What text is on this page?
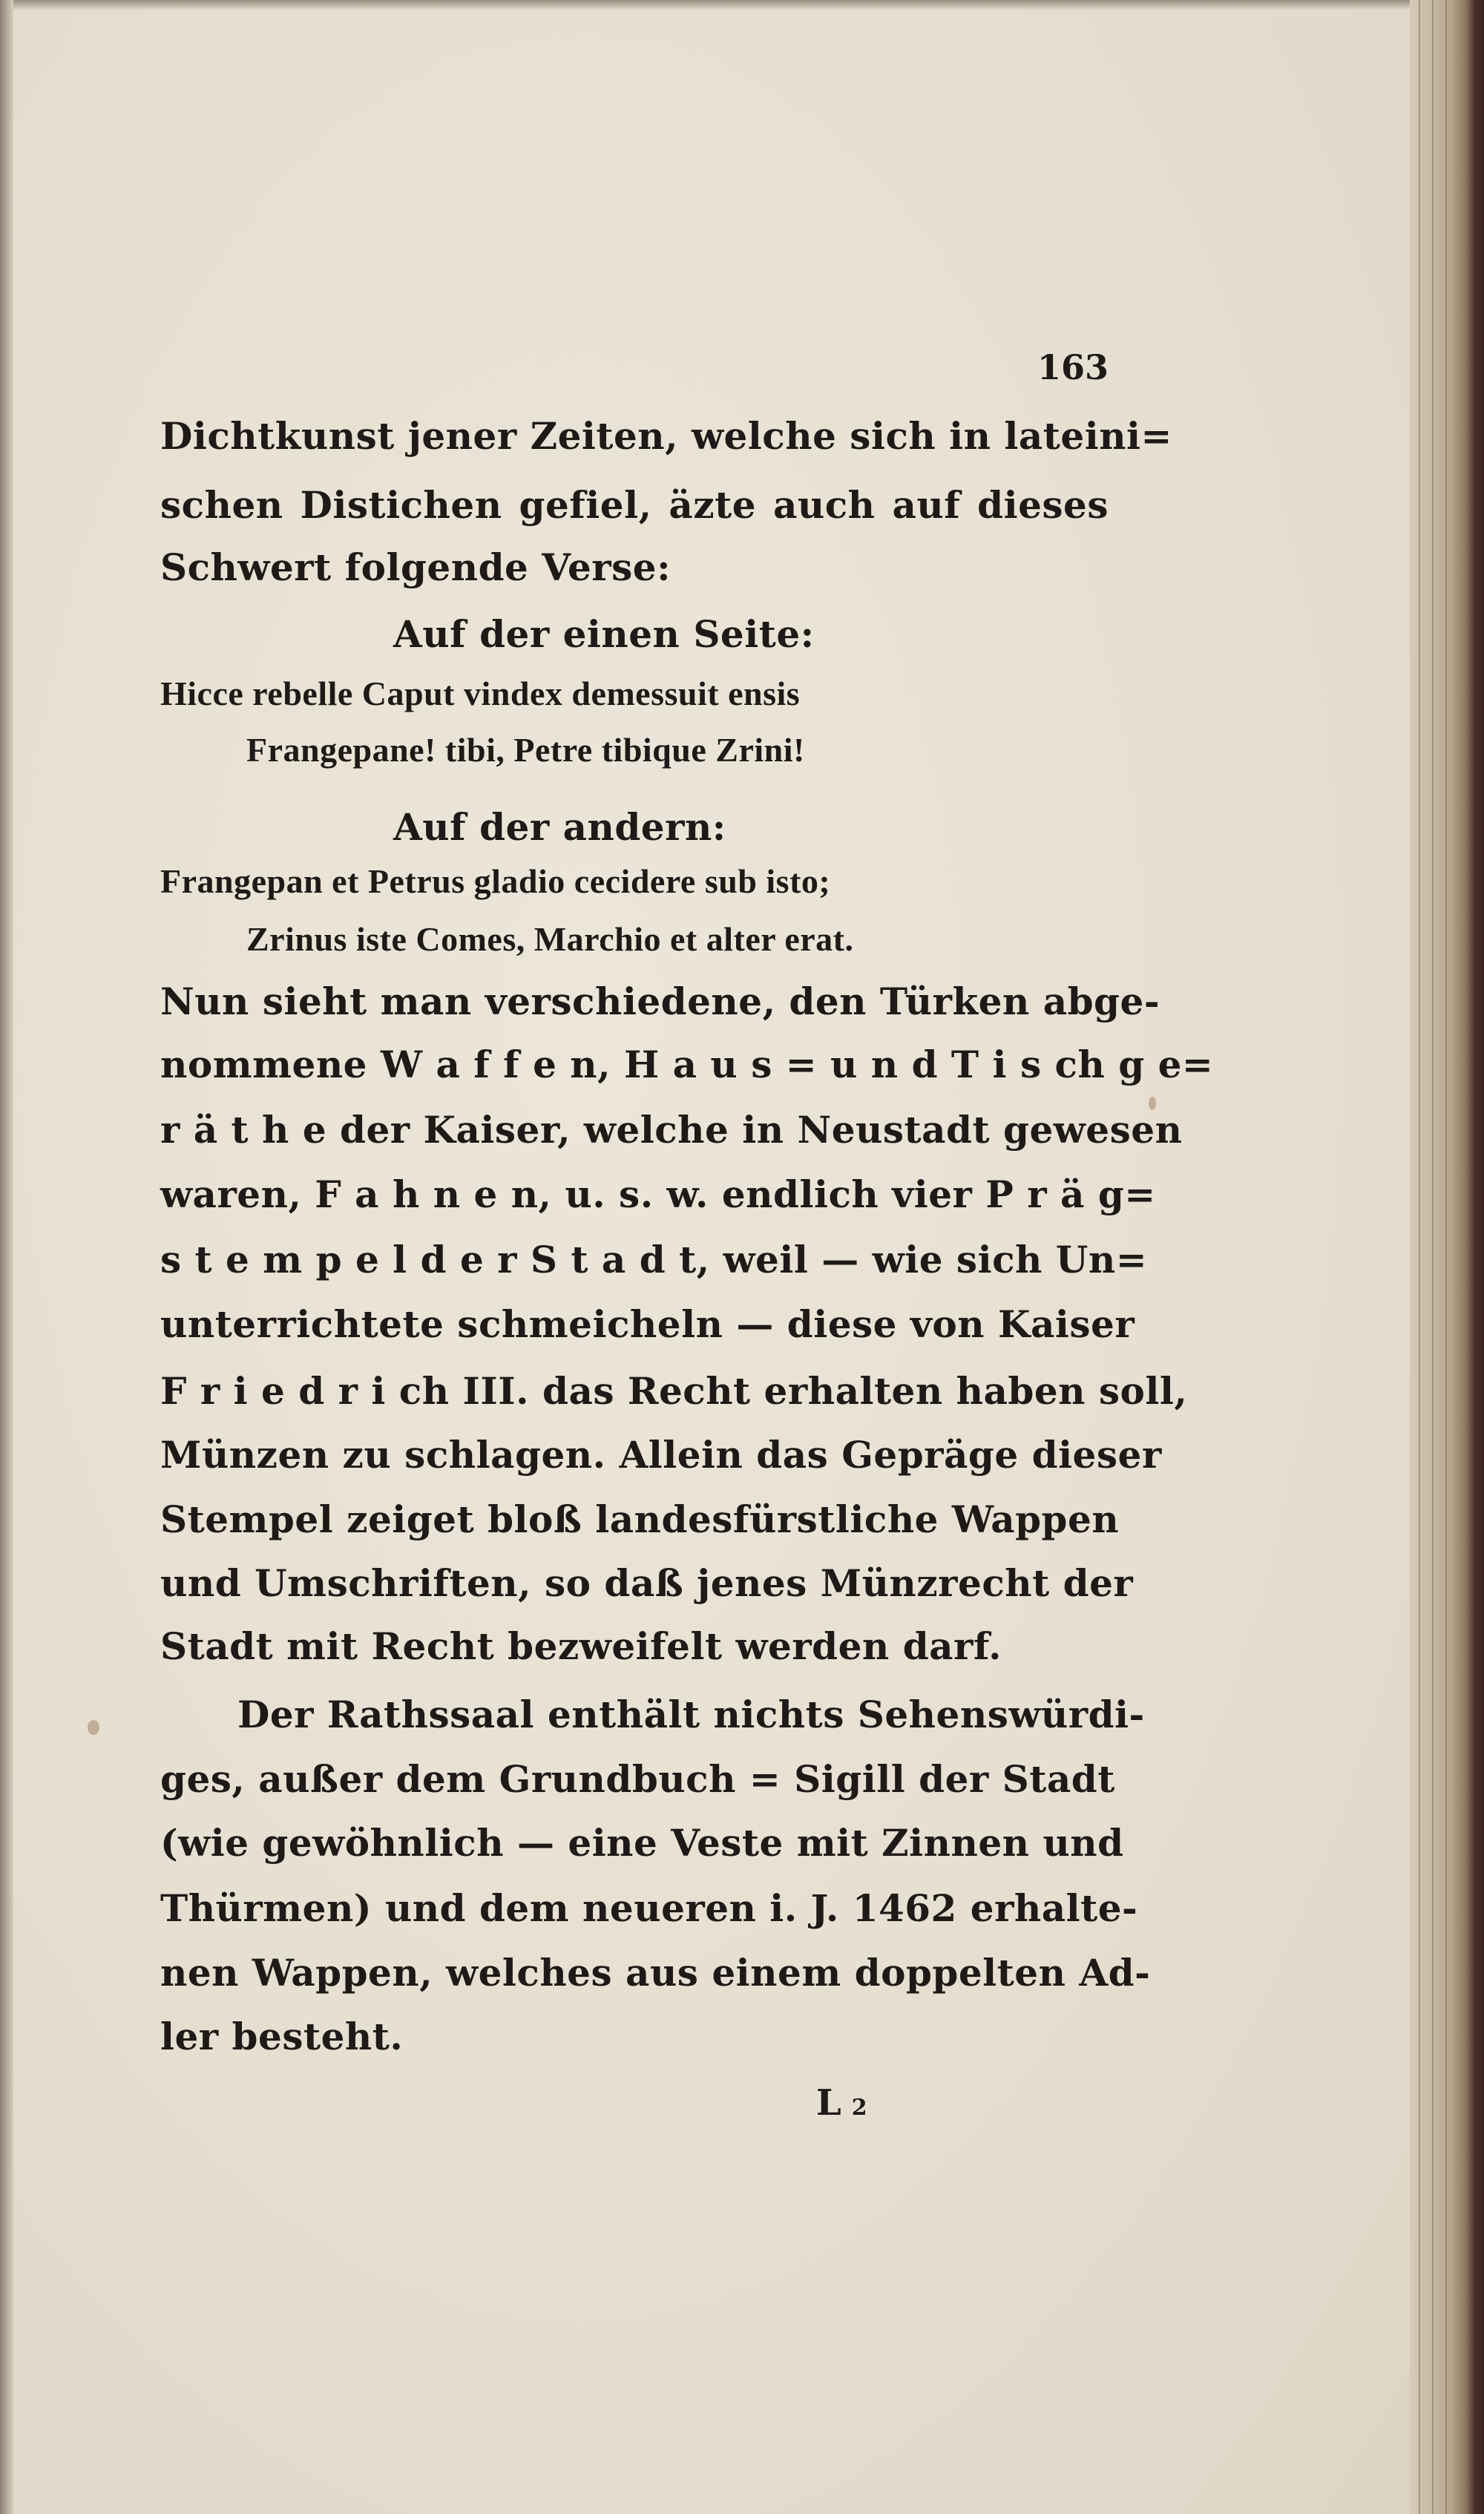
163
Dichtkunst jener Zeiten, welche sich in lateini=
schen Distichen gefiel, äzte auch auf dieses
Schwert folgende Verse:
Auf der einen Seite:
Hicce rebelle Caput vindex demessuit ensis
Frangepane! tibi, Petre tibique Zrini!
Auf der andern:
Frangepan et Petrus gladio cecidere sub isto;
Zrinus iste Comes, Marchio et alter erat.
Nun sieht man verschiedene, den Türken abge-
nommene W a f f e n, H a u s = u n d T i s ch g e=
r ä t h e der Kaiser, welche in Neustadt gewesen
waren, F a h n e n, u. s. w. endlich vier P r ä g=
s t e m p e l d e r S t a d t, weil — wie sich Un=
unterrichtete schmeicheln — diese von Kaiser
F r i e d r i ch III. das Recht erhalten haben soll,
Münzen zu schlagen. Allein das Gepräge dieser
Stempel zeiget bloß landesfürstliche Wappen
und Umschriften, so daß jenes Münzrecht der
Stadt mit Recht bezweifelt werden darf.
Der Rathssaal enthält nichts Sehenswürdi-
ges, außer dem Grundbuch = Sigill der Stadt
(wie gewöhnlich — eine Veste mit Zinnen und
Thürmen) und dem neueren i. J. 1462 erhalte-
nen Wappen, welches aus einem doppelten Ad-
ler besteht.
L 2
